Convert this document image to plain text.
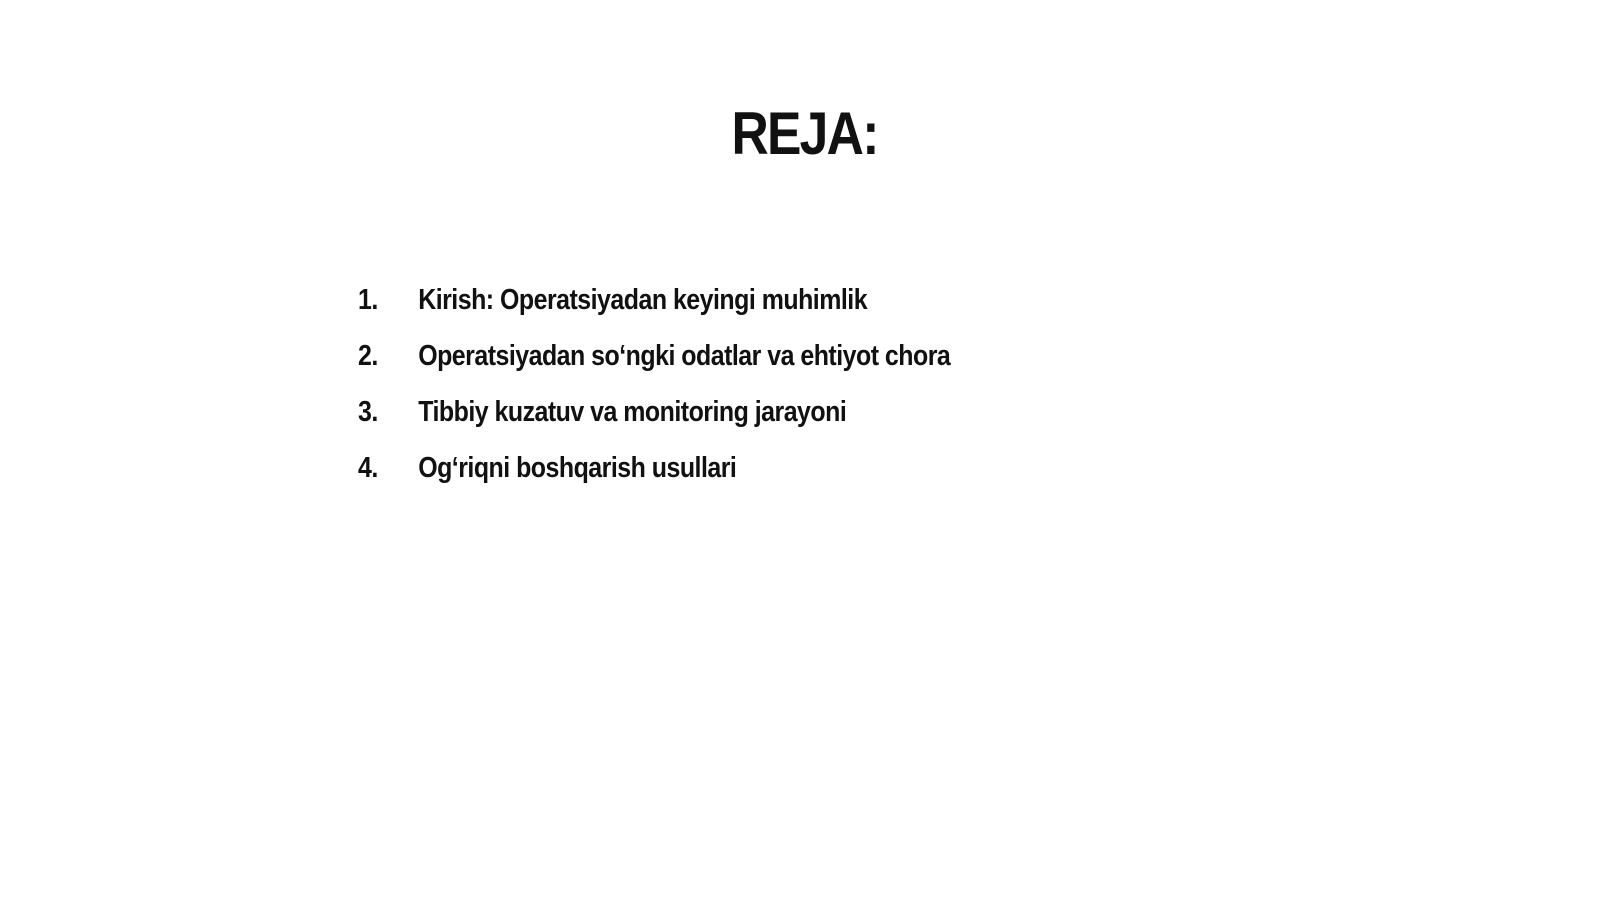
REJA:
1.	Kirish: Operatsiyadan keyingi muhimlik
2.	Operatsiyadan so‘ngki odatlar va ehtiyot chora
3.	Tibbiy kuzatuv va monitoring jarayoni
4.	Og‘riqni boshqarish usullari
